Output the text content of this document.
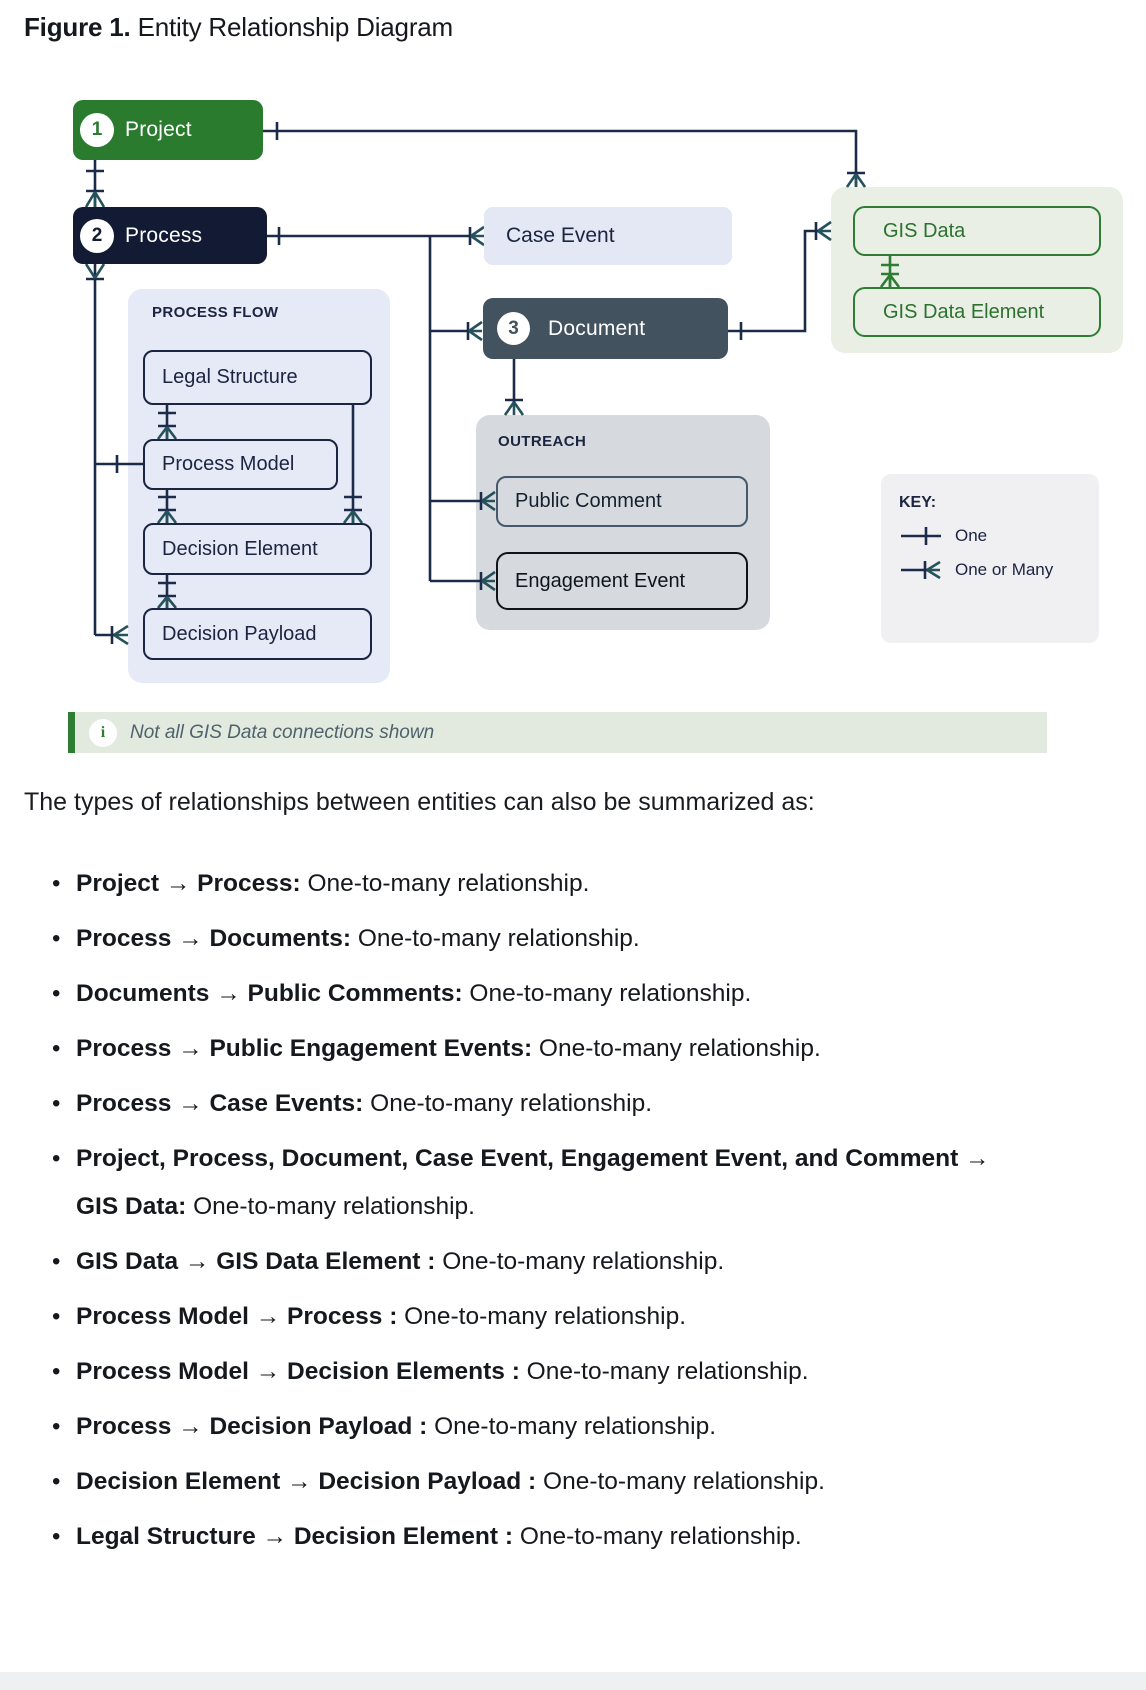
Figure 1. Entity Relationship Diagram
PROCESS FLOW
OUTREACH
1	Project
2	Process	Case Event
3	Document
Legal Structure
Process Model
Decision Element
Decision Payload
Public Comment
Engagement Event
GIS Data
GIS Data Element
KEY:
One
One or Many
i	Not all GIS Data connections shown
The types of relationships between entities can also be summarized as:
• Project → Process: One-to-many relationship.
• Process → Documents: One-to-many relationship.
• Documents → Public Comments: One-to-many relationship.
• Process → Public Engagement Events: One-to-many relationship.
• Process → Case Events: One-to-many relationship.
• Project, Process, Document, Case Event, Engagement Event, and Comment → GIS Data: One-to-many relationship.
• GIS Data → GIS Data Element : One-to-many relationship.
• Process Model → Process : One-to-many relationship.
• Process Model → Decision Elements : One-to-many relationship.
• Process → Decision Payload : One-to-many relationship.
• Decision Element → Decision Payload : One-to-many relationship.
• Legal Structure → Decision Element : One-to-many relationship.
